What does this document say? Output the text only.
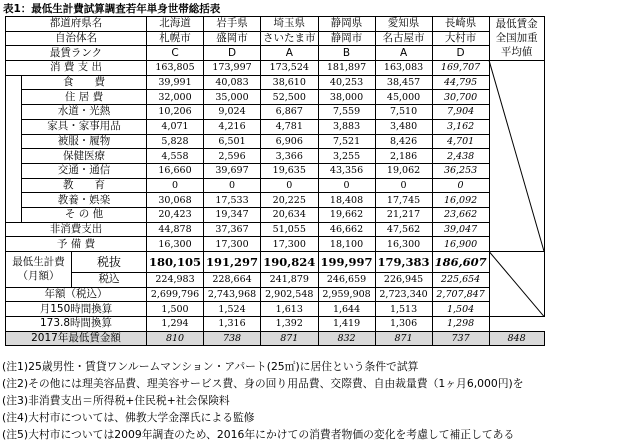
表1：最低生計費試算調査若年単身世帯総括表
都道府県名			北海道	岩手県	埼玉県	静岡県	愛知県	長崎県	最低賃金
自治体名			札幌市	盛岡市	さいたま市	静岡市	名古屋市	大村市	全国加重
最賃ランク			C	D	A	B	A	D	平均値
消 費 支 出			163,805	173,997	173,524	181,897	163,083	169,707	
	食　　費		39,991	40,083	38,610	40,253	38,457	44,795	
	住 居 費		32,000	35,000	52,500	38,000	45,000	30,700	
	水道・光熱		10,206	9,024	6,867	7,559	7,510	7,904	
	家具・家事用品		4,071	4,216	4,781	3,883	3,480	3,162	
	被服・履物		5,828	6,501	6,906	7,521	8,426	4,701	
	保健医療		4,558	2,596	3,366	3,255	2,186	2,438	
	交通・通信		16,660	39,697	19,635	43,356	19,062	36,253	
	教　　育		0	0	0	0	0	0	
	教養・娯楽		30,068	17,533	20,225	18,408	17,745	16,092	
	そ の 他		20,423	19,347	20,634	19,662	21,217	23,662	
非消費支出			44,878	37,367	51,055	46,662	47,562	39,047	
予 備 費			16,300	17,300	17,300	18,100	16,300	16,900	
最低生計費
（月額）		税抜	180,105	191,297	190,824	199,997	179,383	186,607	
		税込	224,983	228,664	241,879	246,659	226,945	225,654	
年額（税込）			2,699,796	2,743,968	2,902,548	2,959,908	2,723,340	2,707,847	
月150時間換算			1,500	1,524	1,613	1,644	1,513	1,504	
173.8時間換算			1,294	1,316	1,392	1,419	1,306	1,298
2017年最低賃金額			810	738	871	832	871	737	848
(注1)25歳男性・賃貸ワンルームマンション・アパート(25㎡)に居住という条件で試算
(注2)その他には理美容品費、理美容サービス費、身の回り用品費、交際費、自由裁量費（1ヶ月6,000円)を
(注3)非消費支出＝所得税+住民税+社会保険料
(注4)大村市については、佛教大学金澤氏による監修
(注5)大村市については2009年調査のため、2016年にかけての消費者物価の変化を考慮して補正してある
